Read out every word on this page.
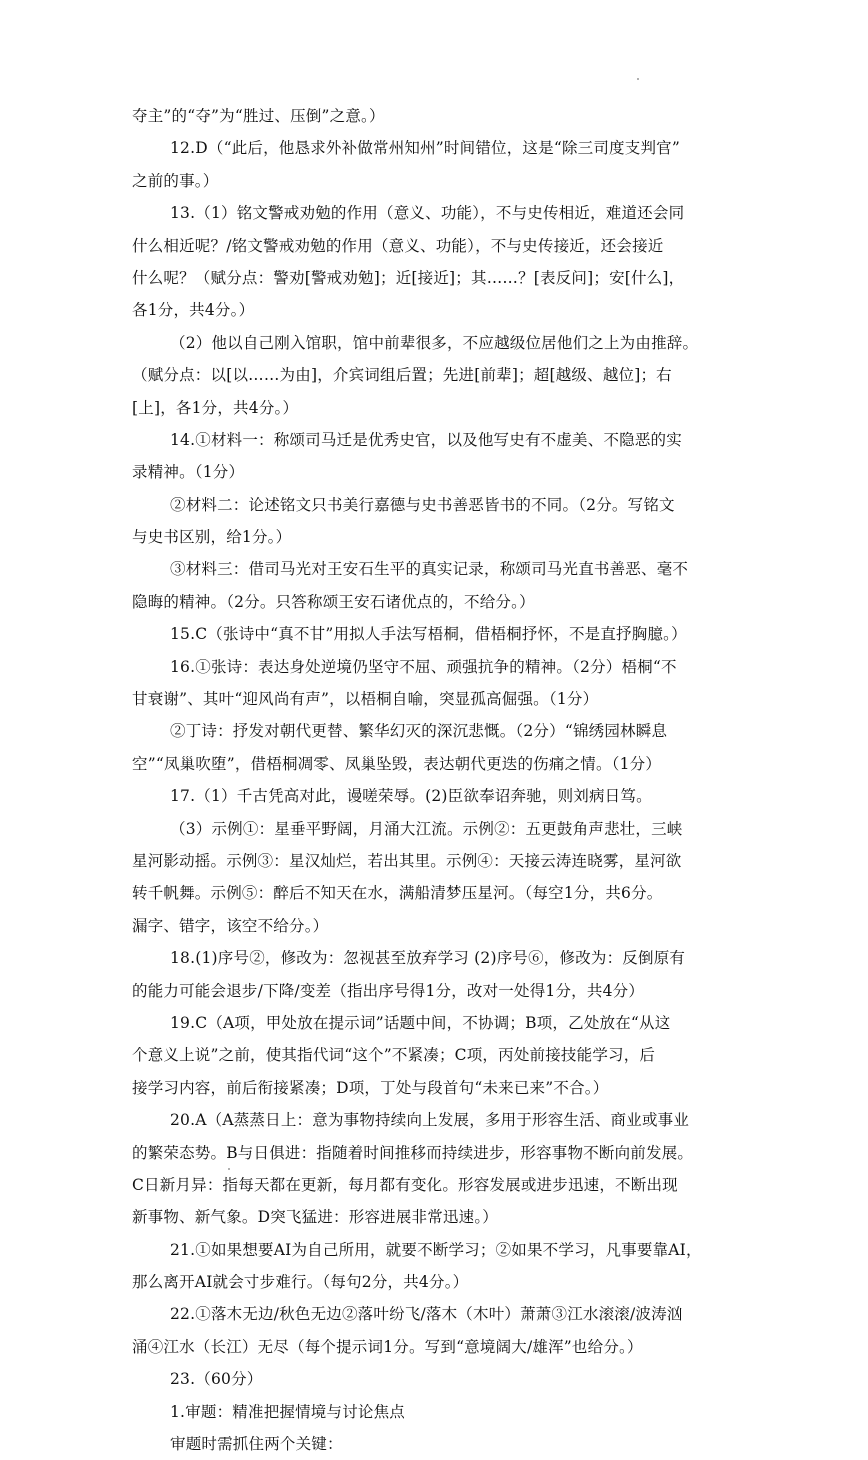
夺主”的“夺”为“胜过、压倒”之意。）
12.D（“此后，他恳求外补做常州知州”时间错位，这是“除三司度支判官”
之前的事。）
13.（1）铭文警戒劝勉的作用（意义、功能），不与史传相近，难道还会同
什么相近呢？/铭文警戒劝勉的作用（意义、功能），不与史传接近，还会接近
什么呢？（赋分点：警劝[警戒劝勉]；近[接近]；其……？[表反问]；安[什么]，
各1分，共4分。）
（2）他以自己刚入馆职，馆中前辈很多，不应越级位居他们之上为由推辞。
（赋分点：以[以……为由]，介宾词组后置；先进[前辈]；超[越级、越位]；右
[上]，各1分，共4分。）
14.①材料一：称颂司马迁是优秀史官，以及他写史有不虚美、不隐恶的实
录精神。（1分）
②材料二：论述铭文只书美行嘉德与史书善恶皆书的不同。（2分。写铭文
与史书区别，给1分。）
③材料三：借司马光对王安石生平的真实记录，称颂司马光直书善恶、毫不
隐晦的精神。（2分。只答称颂王安石诸优点的，不给分。）
15.C（张诗中“真不甘”用拟人手法写梧桐，借梧桐抒怀，不是直抒胸臆。）
16.①张诗：表达身处逆境仍坚守不屈、顽强抗争的精神。（2分）梧桐“不
甘衰谢”、其叶“迎风尚有声”，以梧桐自喻，突显孤高倔强。（1分）
②丁诗：抒发对朝代更替、繁华幻灭的深沉悲慨。（2分）“锦绣园林瞬息
空”“凤巢吹堕”，借梧桐凋零、凤巢坠毁，表达朝代更迭的伤痛之情。（1分）
17.（1）千古凭高对此，谩嗟荣辱。(2)臣欲奉诏奔驰，则刘病日笃。
（3）示例①：星垂平野阔，月涌大江流。示例②：五更鼓角声悲壮，三峡
星河影动摇。示例③：星汉灿烂，若出其里。示例④：天接云涛连晓雾，星河欲
转千帆舞。示例⑤：醉后不知天在水，满船清梦压星河。（每空1分，共6分。
漏字、错字，该空不给分。）
18.(1)序号②，修改为：忽视甚至放弃学习 (2)序号⑥，修改为：反倒原有
的能力可能会退步/下降/变差（指出序号得1分，改对一处得1分，共4分）
19.C（A项，甲处放在提示词”话题中间，不协调；B项，乙处放在“从这
个意义上说”之前，使其指代词“这个”不紧凑；C项，丙处前接技能学习，后
接学习内容，前后衔接紧凑；D项，丁处与段首句“未来已来”不合。）
20.A（A蒸蒸日上：意为事物持续向上发展，多用于形容生活、商业或事业
的繁荣态势。B与日俱进：指随着时间推移而持续进步，形容事物不断向前发展。
C日新月异：指每天都在更新，每月都有变化。形容发展或进步迅速，不断出现
新事物、新气象。D突飞猛进：形容进展非常迅速。）
21.①如果想要AI为自己所用，就要不断学习；②如果不学习，凡事要靠AI，
那么离开AI就会寸步难行。（每句2分，共4分。）
22.①落木无边/秋色无边②落叶纷飞/落木（木叶）萧萧③江水滚滚/波涛汹
涌④江水（长江）无尽（每个提示词1分。写到“意境阔大/雄浑”也给分。）
23.（60分）
1.审题：精准把握情境与讨论焦点
审题时需抓住两个关键：
